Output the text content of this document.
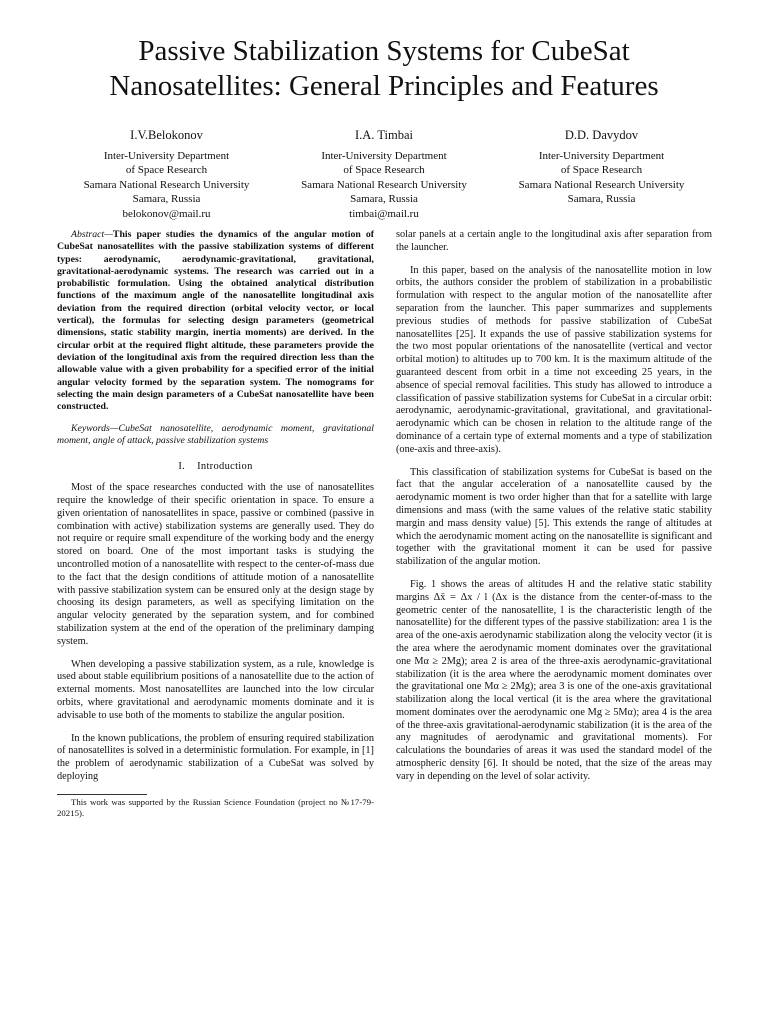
Passive Stabilization Systems for CubeSat
Nanosatellites: General Principles and Features
I.V.Belokonov
Inter-University Department
of Space Research
Samara National Research University
Samara, Russia
belokonov@mail.ru
I.A. Timbai
Inter-University Department
of Space Research
Samara National Research University
Samara, Russia
timbai@mail.ru
D.D. Davydov
Inter-University Department
of Space Research
Samara National Research University
Samara, Russia

Abstract—This paper studies the dynamics of the angular motion of CubeSat nanosatellites with the passive stabilization systems of different types: aerodynamic, aerodynamic-gravitational, gravitational, gravitational-aerodynamic systems. The research was carried out in a probabilistic formulation. Using the obtained analytical distribution functions of the maximum angle of the nanosatellite longitudinal axis deviation from the required direction (orbital velocity vector, or local vertical), the formulas for selecting design parameters (geometrical dimensions, static stability margin, inertia moments) are derived. In the circular orbit at the required flight altitude, these parameters provide the deviation of the longitudinal axis from the required direction less than the allowable value with a given probability for a specified error of the initial angular velocity formed by the separation system. The nomograms for selecting the main design parameters of a CubeSat nanosatellite have been constructed.

Keywords—CubeSat nanosatellite, aerodynamic moment, gravitational moment, angle of attack, passive stabilization systems

I. Introduction

Most of the space researches conducted with the use of nanosatellites require the knowledge of their specific orientation in space. To ensure a given orientation of nanosatellites in space, passive or combined (passive in combination with active) stabilization systems are generally used. They do not require or require small expenditure of the working body and the energy stored on board. One of the most important tasks is studying the uncontrolled motion of a nanosatellite with respect to the center-of-mass due to the fact that the design conditions of attitude motion of a nanosatellite with passive stabilization system can be ensured only at the design stage by choosing its design parameters, as well as specifying limitation on the angular velocity generated by the separation system, and for combined stabilization system at the end of the operation of the preliminary damping system.

When developing a passive stabilization system, as a rule, knowledge is used about stable equilibrium positions of a nanosatellite due to the action of external moments. Most nanosatellites are launched into the low circular orbits, where gravitational and aerodynamic moments dominate and it is advisable to use both of the moments to stabilize the angular position.

In the known publications, the problem of ensuring required stabilization of nanosatellites is solved in a deterministic formulation. For example, in [1] the problem of aerodynamic stabilization of a CubeSat was solved by deploying

This work was supported by the Russian Science Foundation (project no №17-79-20215).

solar panels at a certain angle to the longitudinal axis after separation from the launcher.

In this paper, based on the analysis of the nanosatellite motion in low orbits, the authors consider the problem of stabilization in a probabilistic formulation with respect to the angular motion of the nanosatellite after separation from the launcher. This paper summarizes and supplements previous studies of methods for passive stabilization of CubeSat nanosatellites [25]. It expands the use of passive stabilization systems for the two most popular orientations of the nanosatellite (vertical and vector orbital motion) to altitudes up to 700 km. It is the maximum altitude of the guaranteed descent from orbit in a time not exceeding 25 years, in the absence of special removal facilities. This study has allowed to introduce a classification of passive stabilization systems for CubeSat in a circular orbit: aerodynamic, aerodynamic-gravitational, gravitational, and gravitational-aerodynamic which can be chosen in relation to the altitude range of the dominance of a certain type of external moments and a type of stabilization (one-axis and three-axis).

This classification of stabilization systems for CubeSat is based on the fact that the angular acceleration of a nanosatellite caused by the aerodynamic moment is two order higher than that for a satellite with large dimensions and mass (with the same values of the relative static stability margin and mass density value) [5]. This extends the range of altitudes at which the aerodynamic moment acting on the nanosatellite is significant and together with the gravitational moment it can be used for passive stabilization of the angular motion.

Fig. 1 shows the areas of altitudes H and the relative static stability margins Δx̄ = Δx / l (Δx is the distance from the center-of-mass to the geometric center of the nanosatellite, l is the characteristic length of the nanosatellite) for the different types of the passive stabilization: area 1 is the area of the one-axis aerodynamic stabilization along the velocity vector (it is the area where the aerodynamic moment dominates over the gravitational one Mα ≥ 2Mg); area 2 is area of the three-axis aerodynamic-gravitational stabilization (it is the area where the aerodynamic moment dominates over the gravitational one Mα ≥ 2Mg); area 3 is one of the one-axis gravitational stabilization along the local vertical (it is the area where the gravitational moment dominates over the aerodynamic one Mg ≥ 5Mα); area 4 is the area of the three-axis gravitational-aerodynamic stabilization (it is the area of the any magnitudes of aerodynamic and gravitational moments). For calculations the boundaries of areas it was used the standard model of the atmospheric density [6]. It should be noted, that the size of the areas may vary in depending on the level of solar activity.
